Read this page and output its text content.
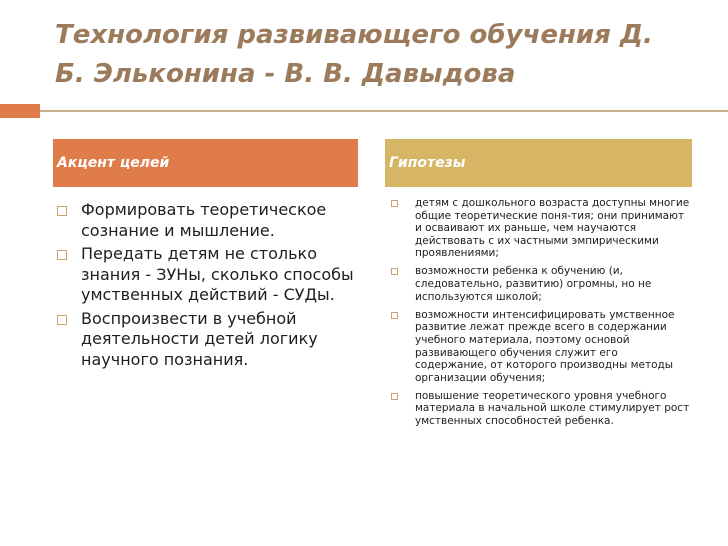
Технология развивающего обучения Д.
Б. Эльконина - В. В. Давыдова
Акцент целей	Гипотезы
Формировать теоретическое сознание и мышление.
Передать детям не столько знания - ЗУНы, сколько способы умственных действий - СУДы.
Воспроизвести в учебной деятельности детей логику научного познания.
детям с дошкольного возраста доступны многие общие теоретические поня-тия; они принимают и осваивают их раньше, чем научаются действовать с их частными эмпирическими проявлениями;
возможности ребенка к обучению (и, следовательно, развитию) огромны, но не используются школой;
возможности интенсифицировать умственное развитие лежат прежде всего в содержании учебного материала, поэтому основой развивающего обучения служит его содержание, от которого производны методы организации обучения;
повышение теоретического уровня учебного материала в начальной школе стимулирует рост умственных способностей ребенка.
